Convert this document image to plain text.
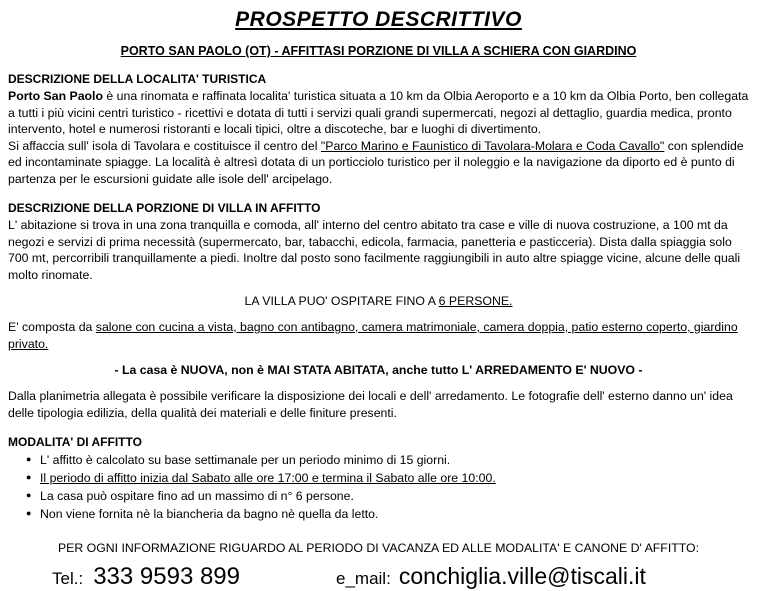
PROSPETTO DESCRITTIVO
PORTO SAN PAOLO (OT) - AFFITTASI PORZIONE DI VILLA A SCHIERA CON GIARDINO
DESCRIZIONE DELLA LOCALITA' TURISTICA

Porto San Paolo è una rinomata e raffinata localita' turistica situata a 10 km da Olbia Aeroporto e a 10 km da Olbia Porto, ben collegata a tutti i più vicini centri turistico - ricettivi e dotata di tutti i servizi quali grandi supermercati, negozi al dettaglio, guardia medica, pronto intervento, hotel e numerosi ristoranti e locali tipici, oltre a discoteche, bar e luoghi di divertimento.

Si affaccia sull' isola di Tavolara e costituisce il centro del "Parco Marino e Faunistico di Tavolara-Molara e Coda Cavallo" con splendide ed incontaminate spiagge. La località è altresì dotata di un porticciolo turistico per il noleggio e la navigazione da diporto ed è punto di partenza per le escursioni guidate alle isole dell' arcipelago.

DESCRIZIONE DELLA PORZIONE DI VILLA IN AFFITTO

L' abitazione si trova in una zona tranquilla e comoda, all' interno del centro abitato tra case e ville di nuova costruzione, a 100 mt da negozi e servizi di prima necessità (supermercato, bar, tabacchi, edicola, farmacia, panetteria e pasticceria). Dista dalla spiaggia solo 700 mt, percorribili tranquillamente a piedi. Inoltre dal posto sono facilmente raggiungibili in auto altre spiagge vicine, alcune delle quali molto rinomate.

LA VILLA PUO' OSPITARE FINO A 6 PERSONE.

E' composta da salone con cucina a vista, bagno con antibagno, camera matrimoniale, camera doppia, patio esterno coperto, giardino privato.

- La casa è NUOVA, non è MAI STATA ABITATA, anche tutto L' ARREDAMENTO E' NUOVO -

Dalla planimetria allegata è possibile verificare la disposizione dei locali e dell' arredamento. Le fotografie dell' esterno danno un' idea delle tipologia edilizia, della qualità dei materiali e delle finiture presenti.

MODALITA' DI AFFITTO
● L' affitto è calcolato su base settimanale per un periodo minimo di 15 giorni.
● Il periodo di affitto inizia dal Sabato alle ore 17:00 e termina il Sabato alle ore 10:00.
● La casa può ospitare fino ad un massimo di n° 6 persone.
● Non viene fornita nè la biancheria da bagno nè quella da letto.

PER OGNI INFORMAZIONE RIGUARDO AL PERIODO DI VACANZA ED ALLE MODALITA' E CANONE D' AFFITTO:

Tel.: 333 9593 899	e_mail: conchiglia.ville@tiscali.it
